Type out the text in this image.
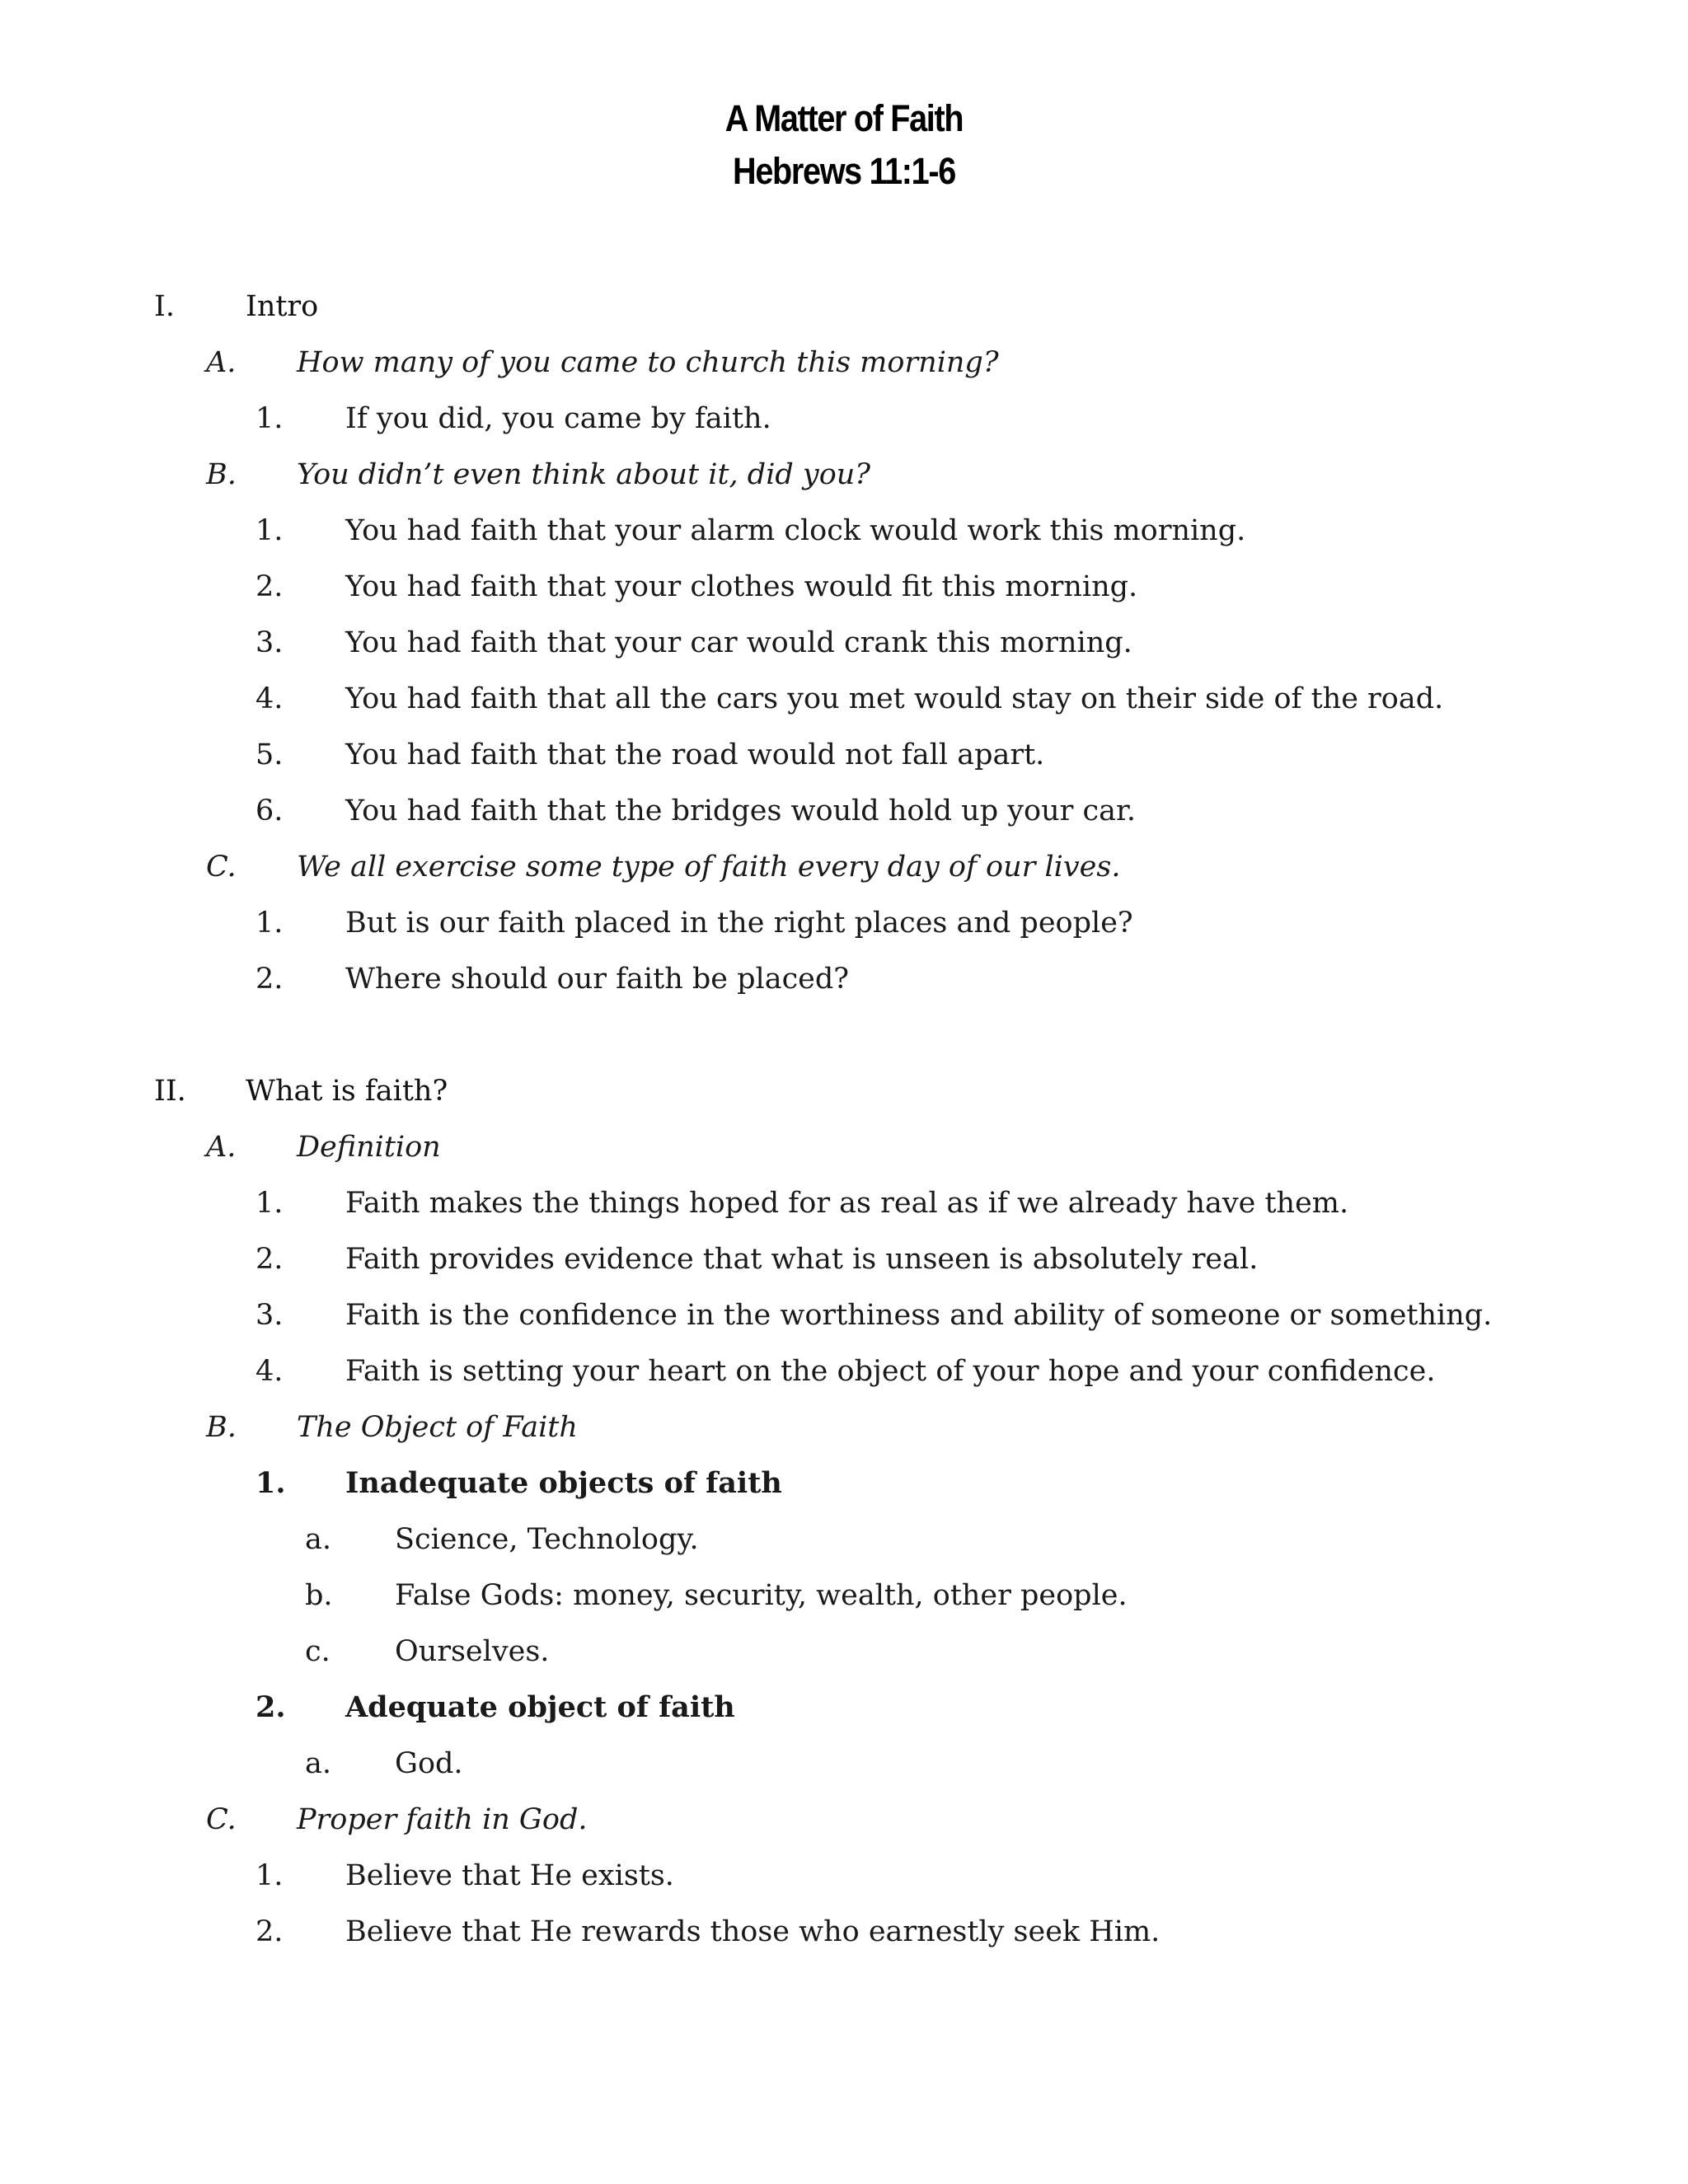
A Matter of Faith
Hebrews 11:1-6
I. Intro
A. How many of you came to church this morning?
1. If you did, you came by faith.
B. You didn’t even think about it, did you?
1. You had faith that your alarm clock would work this morning.
2. You had faith that your clothes would fit this morning.
3. You had faith that your car would crank this morning.
4. You had faith that all the cars you met would stay on their side of the road.
5. You had faith that the road would not fall apart.
6. You had faith that the bridges would hold up your car.
C. We all exercise some type of faith every day of our lives.
1. But is our faith placed in the right places and people?
2. Where should our faith be placed?
II. What is faith?
A. Definition
1. Faith makes the things hoped for as real as if we already have them.
2. Faith provides evidence that what is unseen is absolutely real.
3. Faith is the confidence in the worthiness and ability of someone or something.
4. Faith is setting your heart on the object of your hope and your confidence.
B. The Object of Faith
1. Inadequate objects of faith
a. Science, Technology.
b. False Gods: money, security, wealth, other people.
c. Ourselves.
2. Adequate object of faith
a. God.
C. Proper faith in God.
1. Believe that He exists.
2. Believe that He rewards those who earnestly seek Him.
